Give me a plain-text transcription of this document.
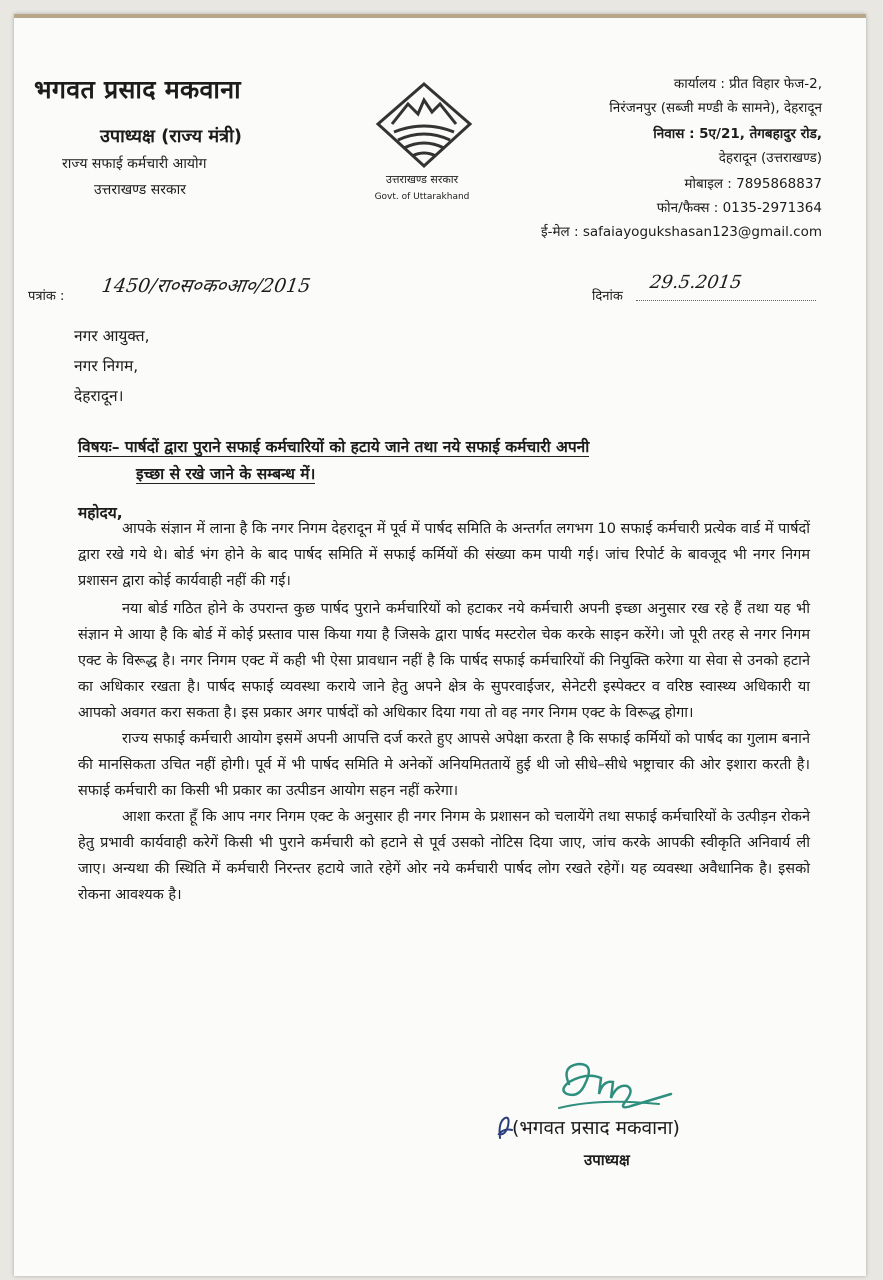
भगवत प्रसाद मकवाना
उपाध्यक्ष (राज्य मंत्री)
राज्य सफाई कर्मचारी आयोग
उत्तराखण्ड सरकार
उत्तराखण्ड सरकार
Govt. of Uttarakhand
कार्यालय : प्रीत विहार फेज-2,
निरंजनपुर (सब्जी मण्डी के सामने), देहरादून
निवास : 5ए/21, तेगबहादुर रोड,
देहरादून (उत्तराखण्ड)
मोबाइल : 7895868837
फोन/फैक्स : 0135-2971364
ई-मेल : safaiayogukshasan123@gmail.com
पत्रांक : 1450/रा०स०क०आ०/2015	दिनांक
29.5.2015
नगर आयुक्त,
नगर निगम,
देहरादून।
विषयः– पार्षदों द्वारा पुराने सफाई कर्मचारियों को हटाये जाने तथा नये सफाई कर्मचारी अपनी
इच्छा से रखे जाने के सम्बन्ध में।
महोदय,

आपके संज्ञान में लाना है कि नगर निगम देहरादून में पूर्व में पार्षद समिति के अन्तर्गत लगभग 10 सफाई कर्मचारी प्रत्येक वार्ड में पार्षदों द्वारा रखे गये थे। बोर्ड भंग होने के बाद पार्षद समिति में सफाई कर्मियों की संख्या कम पायी गई। जांच रिपोर्ट के बावजूद भी नगर निगम प्रशासन द्वारा कोई कार्यवाही नहीं की गई।

नया बोर्ड गठित होने के उपरान्त कुछ पार्षद पुराने कर्मचारियों को हटाकर नये कर्मचारी अपनी इच्छा अनुसार रख रहे हैं तथा यह भी संज्ञान मे आया है कि बोर्ड में कोई प्रस्ताव पास किया गया है जिसके द्वारा पार्षद मस्टरोल चेक करके साइन करेंगे। जो पूरी तरह से नगर निगम एक्ट के विरूद्ध है। नगर निगम एक्ट में कही भी ऐसा प्रावधान नहीं है कि पार्षद सफाई कर्मचारियों की नियुक्ति करेगा या सेवा से उनको हटाने का अधिकार रखता है। पार्षद सफाई व्यवस्था कराये जाने हेतु अपने क्षेत्र के सुपरवाईजर, सेनेटरी इस्पेक्टर व वरिष्ठ स्वास्थ्य अधिकारी या आपको अवगत करा सकता है। इस प्रकार अगर पार्षदों को अधिकार दिया गया तो वह नगर निगम एक्ट के विरूद्ध होगा।

राज्य सफाई कर्मचारी आयोग इसमें अपनी आपत्ति दर्ज करते हुए आपसे अपेक्षा करता है कि सफाई कर्मियों को पार्षद का गुलाम बनाने की मानसिकता उचित नहीं होगी। पूर्व में भी पार्षद समिति मे अनेकों अनियमिततायें हुई थी जो सीधे–सीधे भष्ट्राचार की ओर इशारा करती है। सफाई कर्मचारी का किसी भी प्रकार का उत्पीडन आयोग सहन नहीं करेगा।

आशा करता हूँ कि आप नगर निगम एक्ट के अनुसार ही नगर निगम के प्रशासन को चलायेंगे तथा सफाई कर्मचारियों के उत्पीड़न रोकने हेतु प्रभावी कार्यवाही करेगें किसी भी पुराने कर्मचारी को हटाने से पूर्व उसको नोटिस दिया जाए, जांच करके आपकी स्वीकृति अनिवार्य ली जाए। अन्यथा की स्थिति में कर्मचारी निरन्तर हटाये जाते रहेगें ओर नये कर्मचारी पार्षद लोग रखते रहेगें। यह व्यवस्था अवैधानिक है। इसको रोकना आवश्यक है।

(भगवत प्रसाद मकवाना)
उपाध्यक्ष
